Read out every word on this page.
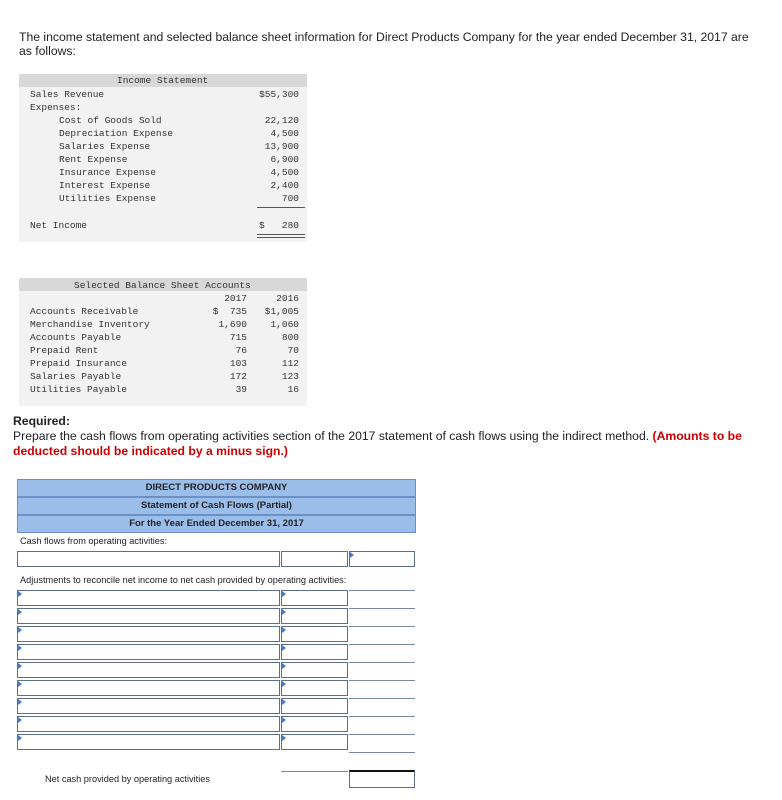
The income statement and selected balance sheet information for Direct Products Company for the year ended December 31, 2017 are as follows:
Income Statement
Sales Revenue	$55,300
Expenses:
Cost of Goods Sold	22,120
Depreciation Expense	4,500
Salaries Expense	13,900
Rent Expense	6,900
Insurance Expense	4,500
Interest Expense	2,400
Utilities Expense	700
Net Income	$	280
Selected Balance Sheet Accounts
2017	2016
Accounts Receivable	$  735	$1,005
Merchandise Inventory	1,690	1,060
Accounts Payable	715	800
Prepaid Rent	76	70
Prepaid Insurance	103	112
Salaries Payable	172	123
Utilities Payable	39	16
Required:
Prepare the cash flows from operating activities section of the 2017 statement of cash flows using the indirect method. (Amounts to be deducted should be indicated by a minus sign.)
DIRECT PRODUCTS COMPANY
Statement of Cash Flows (Partial)
For the Year Ended December 31, 2017
Cash flows from operating activities:
Adjustments to reconcile net income to net cash provided by operating activities:
Net cash provided by operating activities
